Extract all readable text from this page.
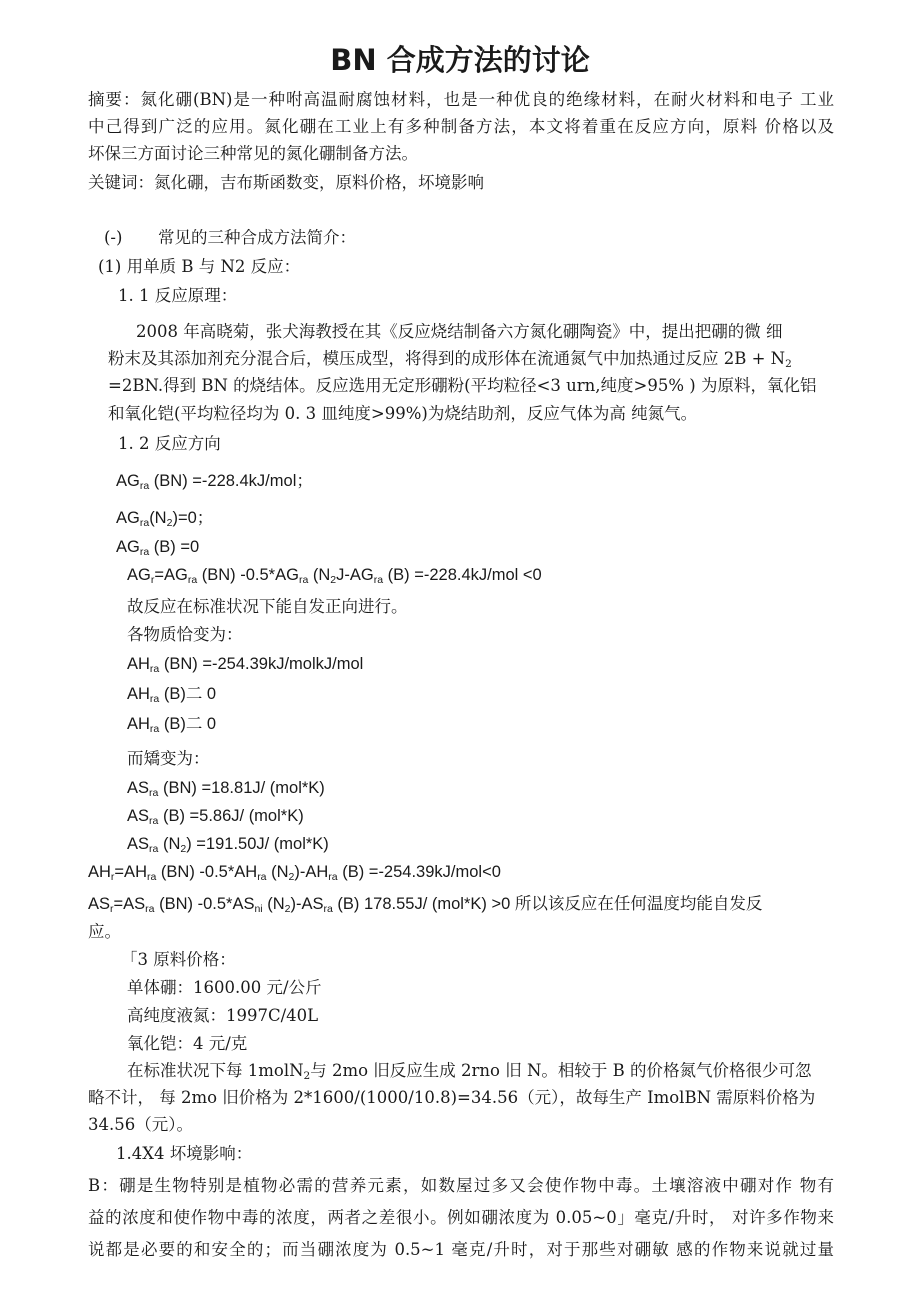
BN 合成方法的讨论
摘要：氮化硼(BN)是一种咐高温耐腐蚀材料，也是一种优良的绝缘材料，在耐火材料和电子 工业
中己得到广泛的应用。氮化硼在工业上有多种制备方法，本文将着重在反应方向，原料 价格以及
坏保三方面讨论三种常见的氮化硼制备方法。
关键词：氮化硼，吉布斯函数变，原料价格，坏境影响
(-) 常见的三种合成方法简介：
(1) 用单质 B 与 N2 反应：
1. 1 反应原理：
2008 年高晓菊，张犬海教授在其《反应烧结制备六方氮化硼陶瓷》中，提出把硼的微 细
粉末及其添加剂充分混合后，模压成型，将得到的成形体在流通氮气中加热通过反应 $2B + N_2$
=2BN.得到 BN 的烧结体。反应选用无定形硼粉(平均粒径<3 urn,纯度>95% ) 为原料，氧化铝
和氧化铠(平均粒径均为 0. 3 皿纯度>99%)为烧结助剂，反应气体为高 纯氮气。
1. 2 反应方向
$AG_{ra}$ (BN) =-228.4kJ/mol；
$AG_{ra}(N_2)=0$；
$AG_{ra}$ (B) =0
$AG_r=AG_{ra}$ (BN) $-0.5*AG_{ra}$ ($N_2J-AG_{ra}$ (B) =-228.4kJ/mol <0
故反应在标准状况下能自发正向进行。
各物质恰变为：
$AH_{ra}$ (BN) =-254.39kJ/molkJ/mol
$AH_{ra}$ (B)二 0
$AH_{ra}$ (B)二 0
而矯变为：
$AS_{ra}$ (BN) =18.81J/ (mol*K)
$AS_{ra}$ (B) =5.86J/ (mol*K)
$AS_{ra}$ $(N_2) =191.50J/$ (mol*K)
$AH_r=AH_{ra}$ (BN) $-0.5*AH_{ra}$ $(N_2)-AH_{ra}$ (B) =-254.39kJ/mol<0
$AS_r=AS_{ra}$ (BN) $-0.5*AS_{ni}$ $(N_2)-AS_{ra}$ (B) 178.55J/ (mol*K) >0 所以该反应在任何温度均能自发反
应。
「3 原料价格：
单体硼：1600.00 元/公斤
高纯度液氮：1997C/40L
氧化铠：4 元/克
在标准状况下每 1molN$_2$与 2mo 旧反应生成 2rno 旧 N。相较于 B 的价格氮气价格很少可忽
略不计， 每 2mo 旧价格为 2*1600/(1000/10.8)=34.56（元），故每生产 ImolBN 需原料价格为
34.56（元）。
1.4X4 坏境影响：
B：硼是生物特别是植物必需的营养元素，如数屋过多又会使作物中毒。土壤溶液中硼对作 物有
益的浓度和使作物中毒的浓度，两者之差很小。例如硼浓度为 0.05~0」毫克/升时， 对许多作物来
说都是必要的和安全的；而当硼浓度为 0.5~1 毫克/升时，对于那些对硼敏 感的作物来说就过量
